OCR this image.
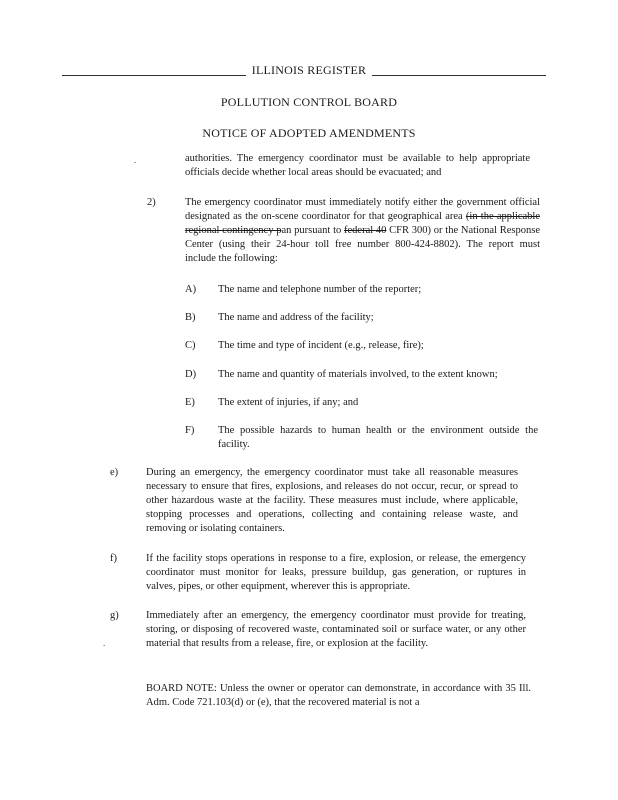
ILLINOIS REGISTER
POLLUTION CONTROL BOARD
NOTICE OF ADOPTED AMENDMENTS
.	authorities. The emergency coordinator must be available to help appropriate officials decide whether local areas should be evacuated; and
2)	The emergency coordinator must immediately notify either the government official designated as the on-scene coordinator for that geographical area (in the applicable regional contingency pan pursuant to federal 40 CFR 300) or the National Response Center (using their 24-hour toll free number 800-424-8802). The report must include the following:
A) The name and telephone number of the reporter;
B) The name and address of the facility;
C) The time and type of incident (e.g., release, fire);
D) The name and quantity of materials involved, to the extent known;
E) The extent of injuries, if any; and
F) The possible hazards to human health or the environment outside the facility.
e)	During an emergency, the emergency coordinator must take all reasonable measures necessary to ensure that fires, explosions, and releases do not occur, recur, or spread to other hazardous waste at the facility. These measures must include, where applicable, stopping processes and operations, collecting and containing release waste, and removing or isolating containers.
f)	If the facility stops operations in response to a fire, explosion, or release, the emergency coordinator must monitor for leaks, pressure buildup, gas generation, or ruptures in valves, pipes, or other equipment, wherever this is appropriate.
g)	Immediately after an emergency, the emergency coordinator must provide for treating, storing, or disposing of recovered waste, contaminated soil or surface water, or any other material that results from a release, fire, or explosion at the facility.
.
BOARD NOTE: Unless the owner or operator can demonstrate, in accordance with 35 Ill. Adm. Code 721.103(d) or (e), that the recovered material is not a
